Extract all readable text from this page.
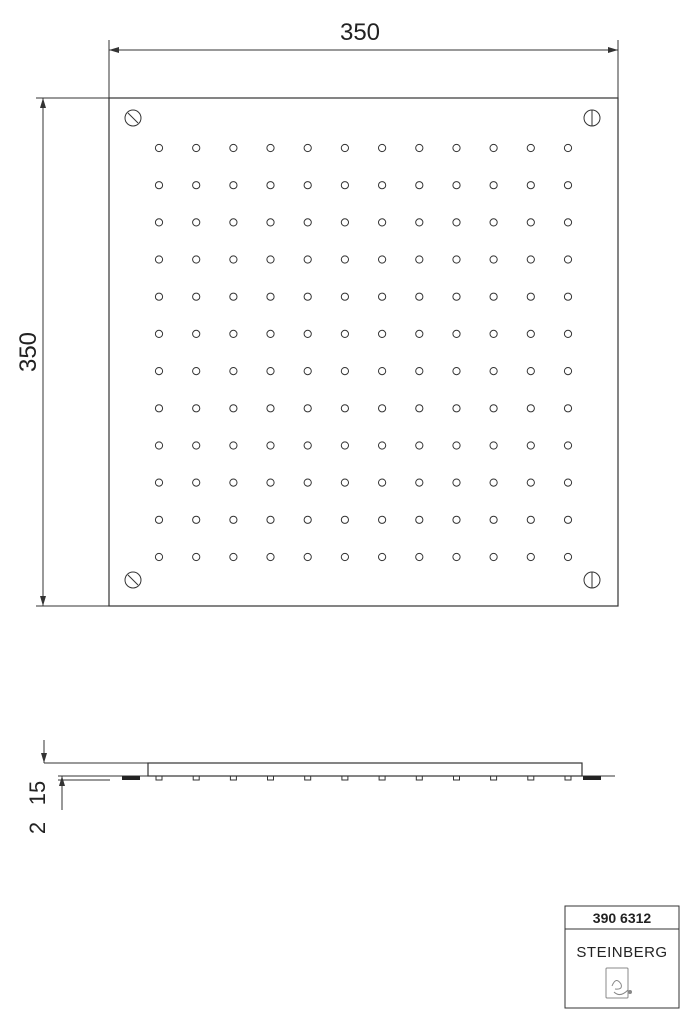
350
350
15
2
390 6312
STEINBERG
